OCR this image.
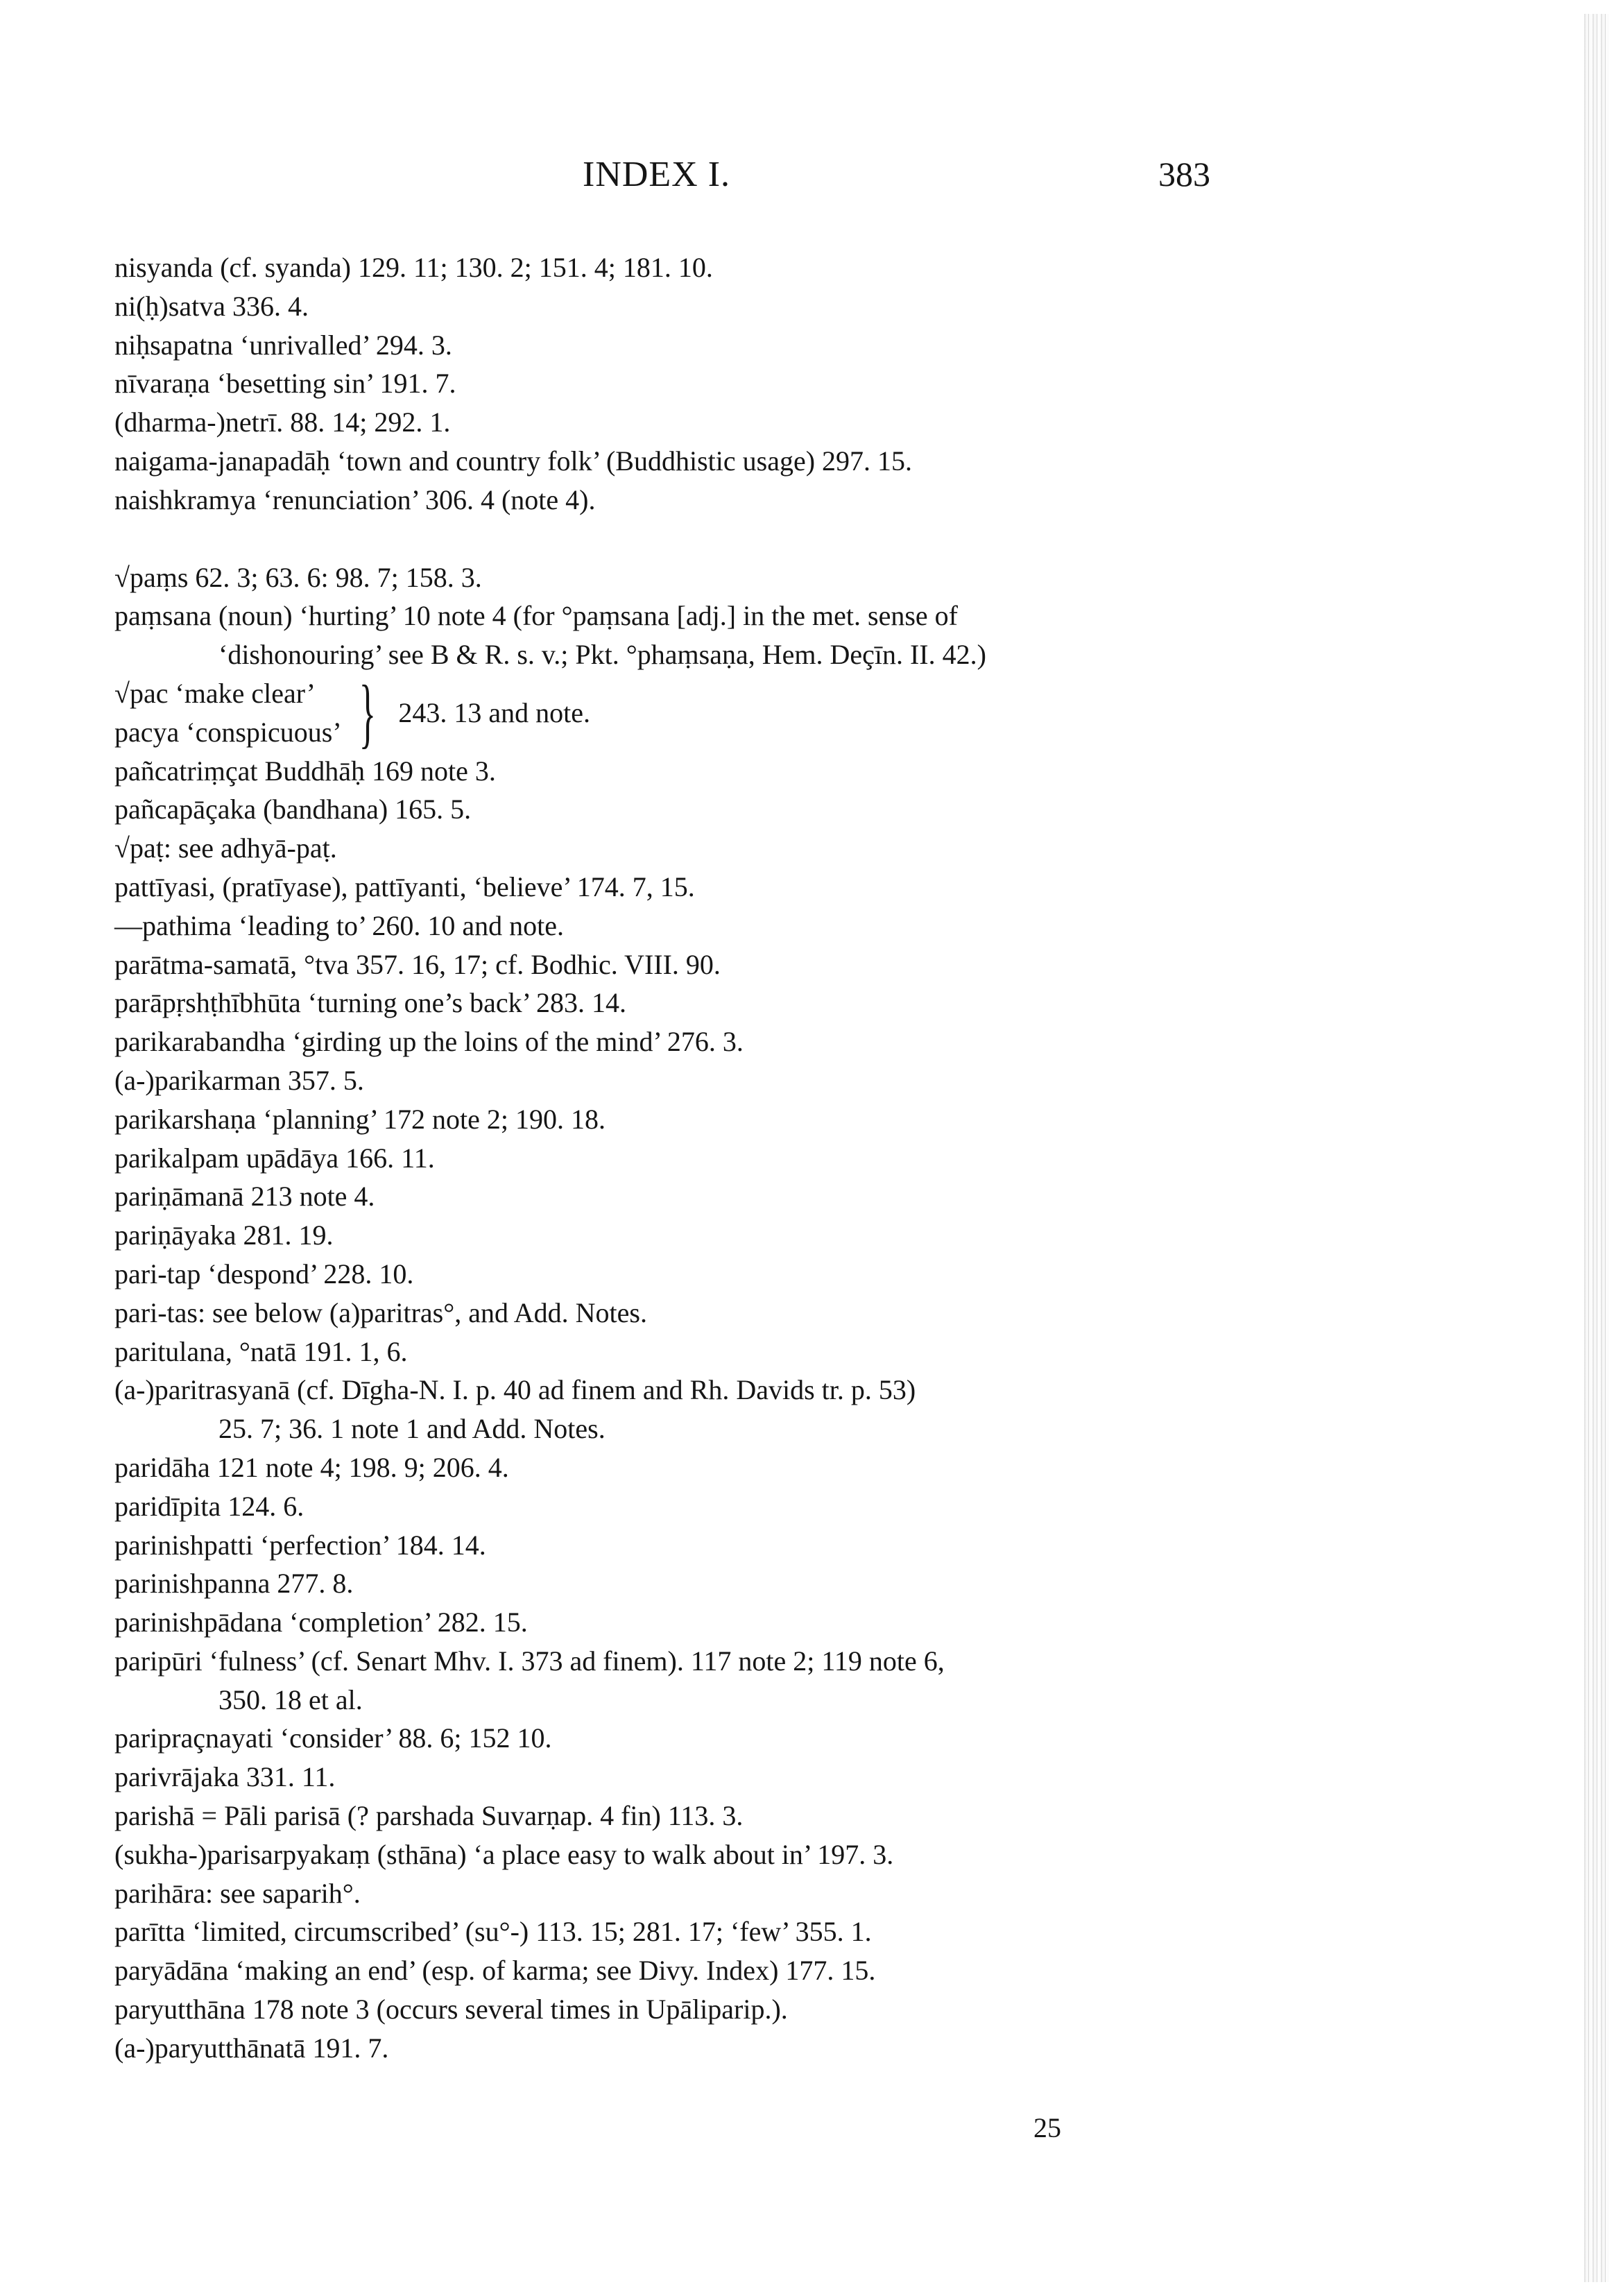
INDEX I.	383
nisyanda (cf. syanda) 129. 11; 130. 2; 151. 4; 181. 10.
ni(ḥ)satva 336. 4.
niḥsapatna ‘unrivalled’ 294. 3.
nīvaraṇa ‘besetting sin’ 191. 7.
(dharma-)netrī. 88. 14; 292. 1.
naigama-janapadāḥ ‘town and country folk’ (Buddhistic usage) 297. 15.
naishkramya ‘renunciation’ 306. 4 (note 4).
√paṃs 62. 3; 63. 6: 98. 7; 158. 3.
paṃsana (noun) ‘hurting’ 10 note 4 (for °paṃsana [adj.] in the met. sense of
‘dishonouring’ see B & R. s. v.; Pkt. °phaṃsaṇa, Hem. Deçīn. II. 42.)
√pac ‘make clear’
pacya ‘conspicuous’ } 243. 13 and note.
pañcatriṃçat Buddhāḥ 169 note 3.
pañcapāçaka (bandhana) 165. 5.
√paṭ: see adhyā-paṭ.
pattīyasi, (pratīyase), pattīyanti, ‘believe’ 174. 7, 15.
—pathima ‘leading to’ 260. 10 and note.
parātma-samatā, °tva 357. 16, 17; cf. Bodhic. VIII. 90.
parāpṛshṭhībhūta ‘turning one’s back’ 283. 14.
parikarabandha ‘girding up the loins of the mind’ 276. 3.
(a-)parikarman 357. 5.
parikarshaṇa ‘planning’ 172 note 2; 190. 18.
parikalpam upādāya 166. 11.
pariṇāmanā 213 note 4.
pariṇāyaka 281. 19.
pari-tap ‘despond’ 228. 10.
pari-tas: see below (a)paritras°, and Add. Notes.
paritulana, °natā 191. 1, 6.
(a-)paritrasyanā (cf. Dīgha-N. I. p. 40 ad finem and Rh. Davids tr. p. 53)
25. 7; 36. 1 note 1 and Add. Notes.
paridāha 121 note 4; 198. 9; 206. 4.
paridīpita 124. 6.
parinishpatti ‘perfection’ 184. 14.
parinishpanna 277. 8.
parinishpādana ‘completion’ 282. 15.
paripūri ‘fulness’ (cf. Senart Mhv. I. 373 ad finem). 117 note 2; 119 note 6,
350. 18 et al.
paripraçnayati ‘consider’ 88. 6; 152 10.
parivrājaka 331. 11.
parishā = Pāli parisā (? parshada Suvarṇap. 4 fin) 113. 3.
(sukha-)parisarpyakaṃ (sthāna) ‘a place easy to walk about in’ 197. 3.
parihāra: see saparih°.
parītta ‘limited, circumscribed’ (su°-) 113. 15; 281. 17; ‘few’ 355. 1.
paryādāna ‘making an end’ (esp. of karma; see Divy. Index) 177. 15.
paryutthāna 178 note 3 (occurs several times in Upāliparip.).
(a-)paryutthānatā 191. 7.
25
